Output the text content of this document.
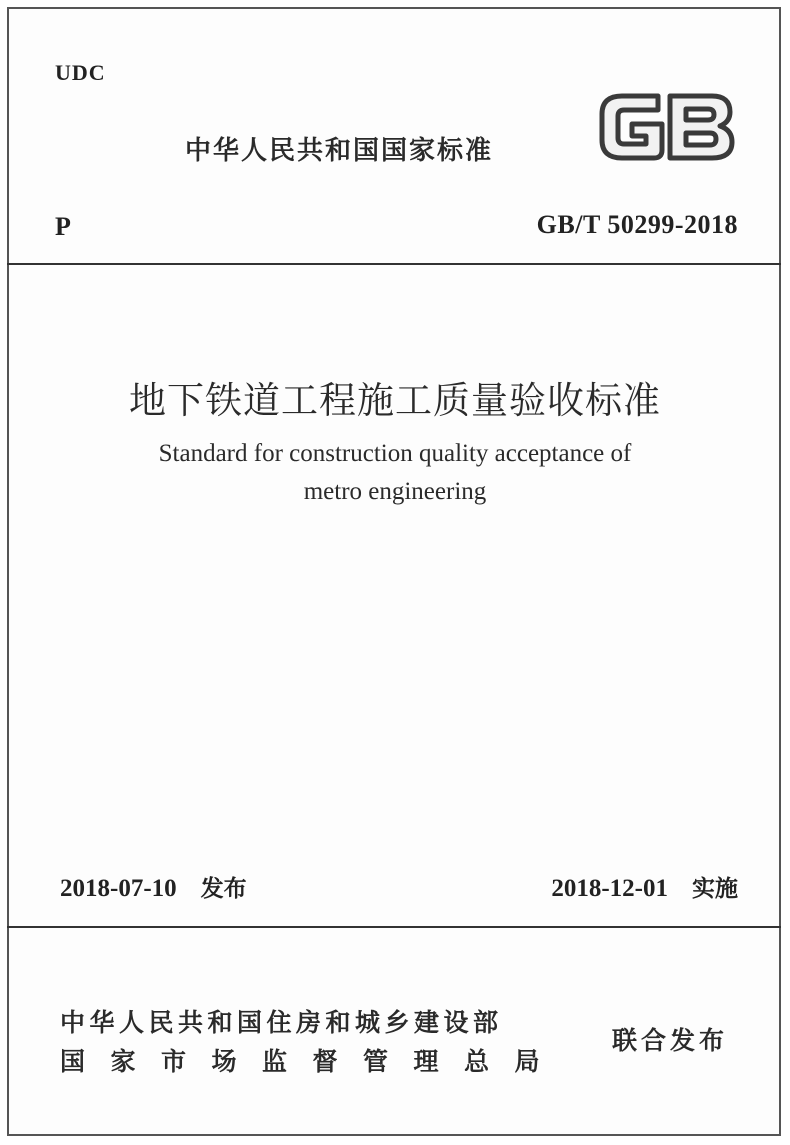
UDC
中华人民共和国国家标准
P	GB/T 50299-2018
地下铁道工程施工质量验收标准
Standard for construction quality acceptance of
metro engineering
2018-07-10 发布	2018-12-01 实施
中华人民共和国住房和城乡建设部
国家市场监督管理总局
联合发布
